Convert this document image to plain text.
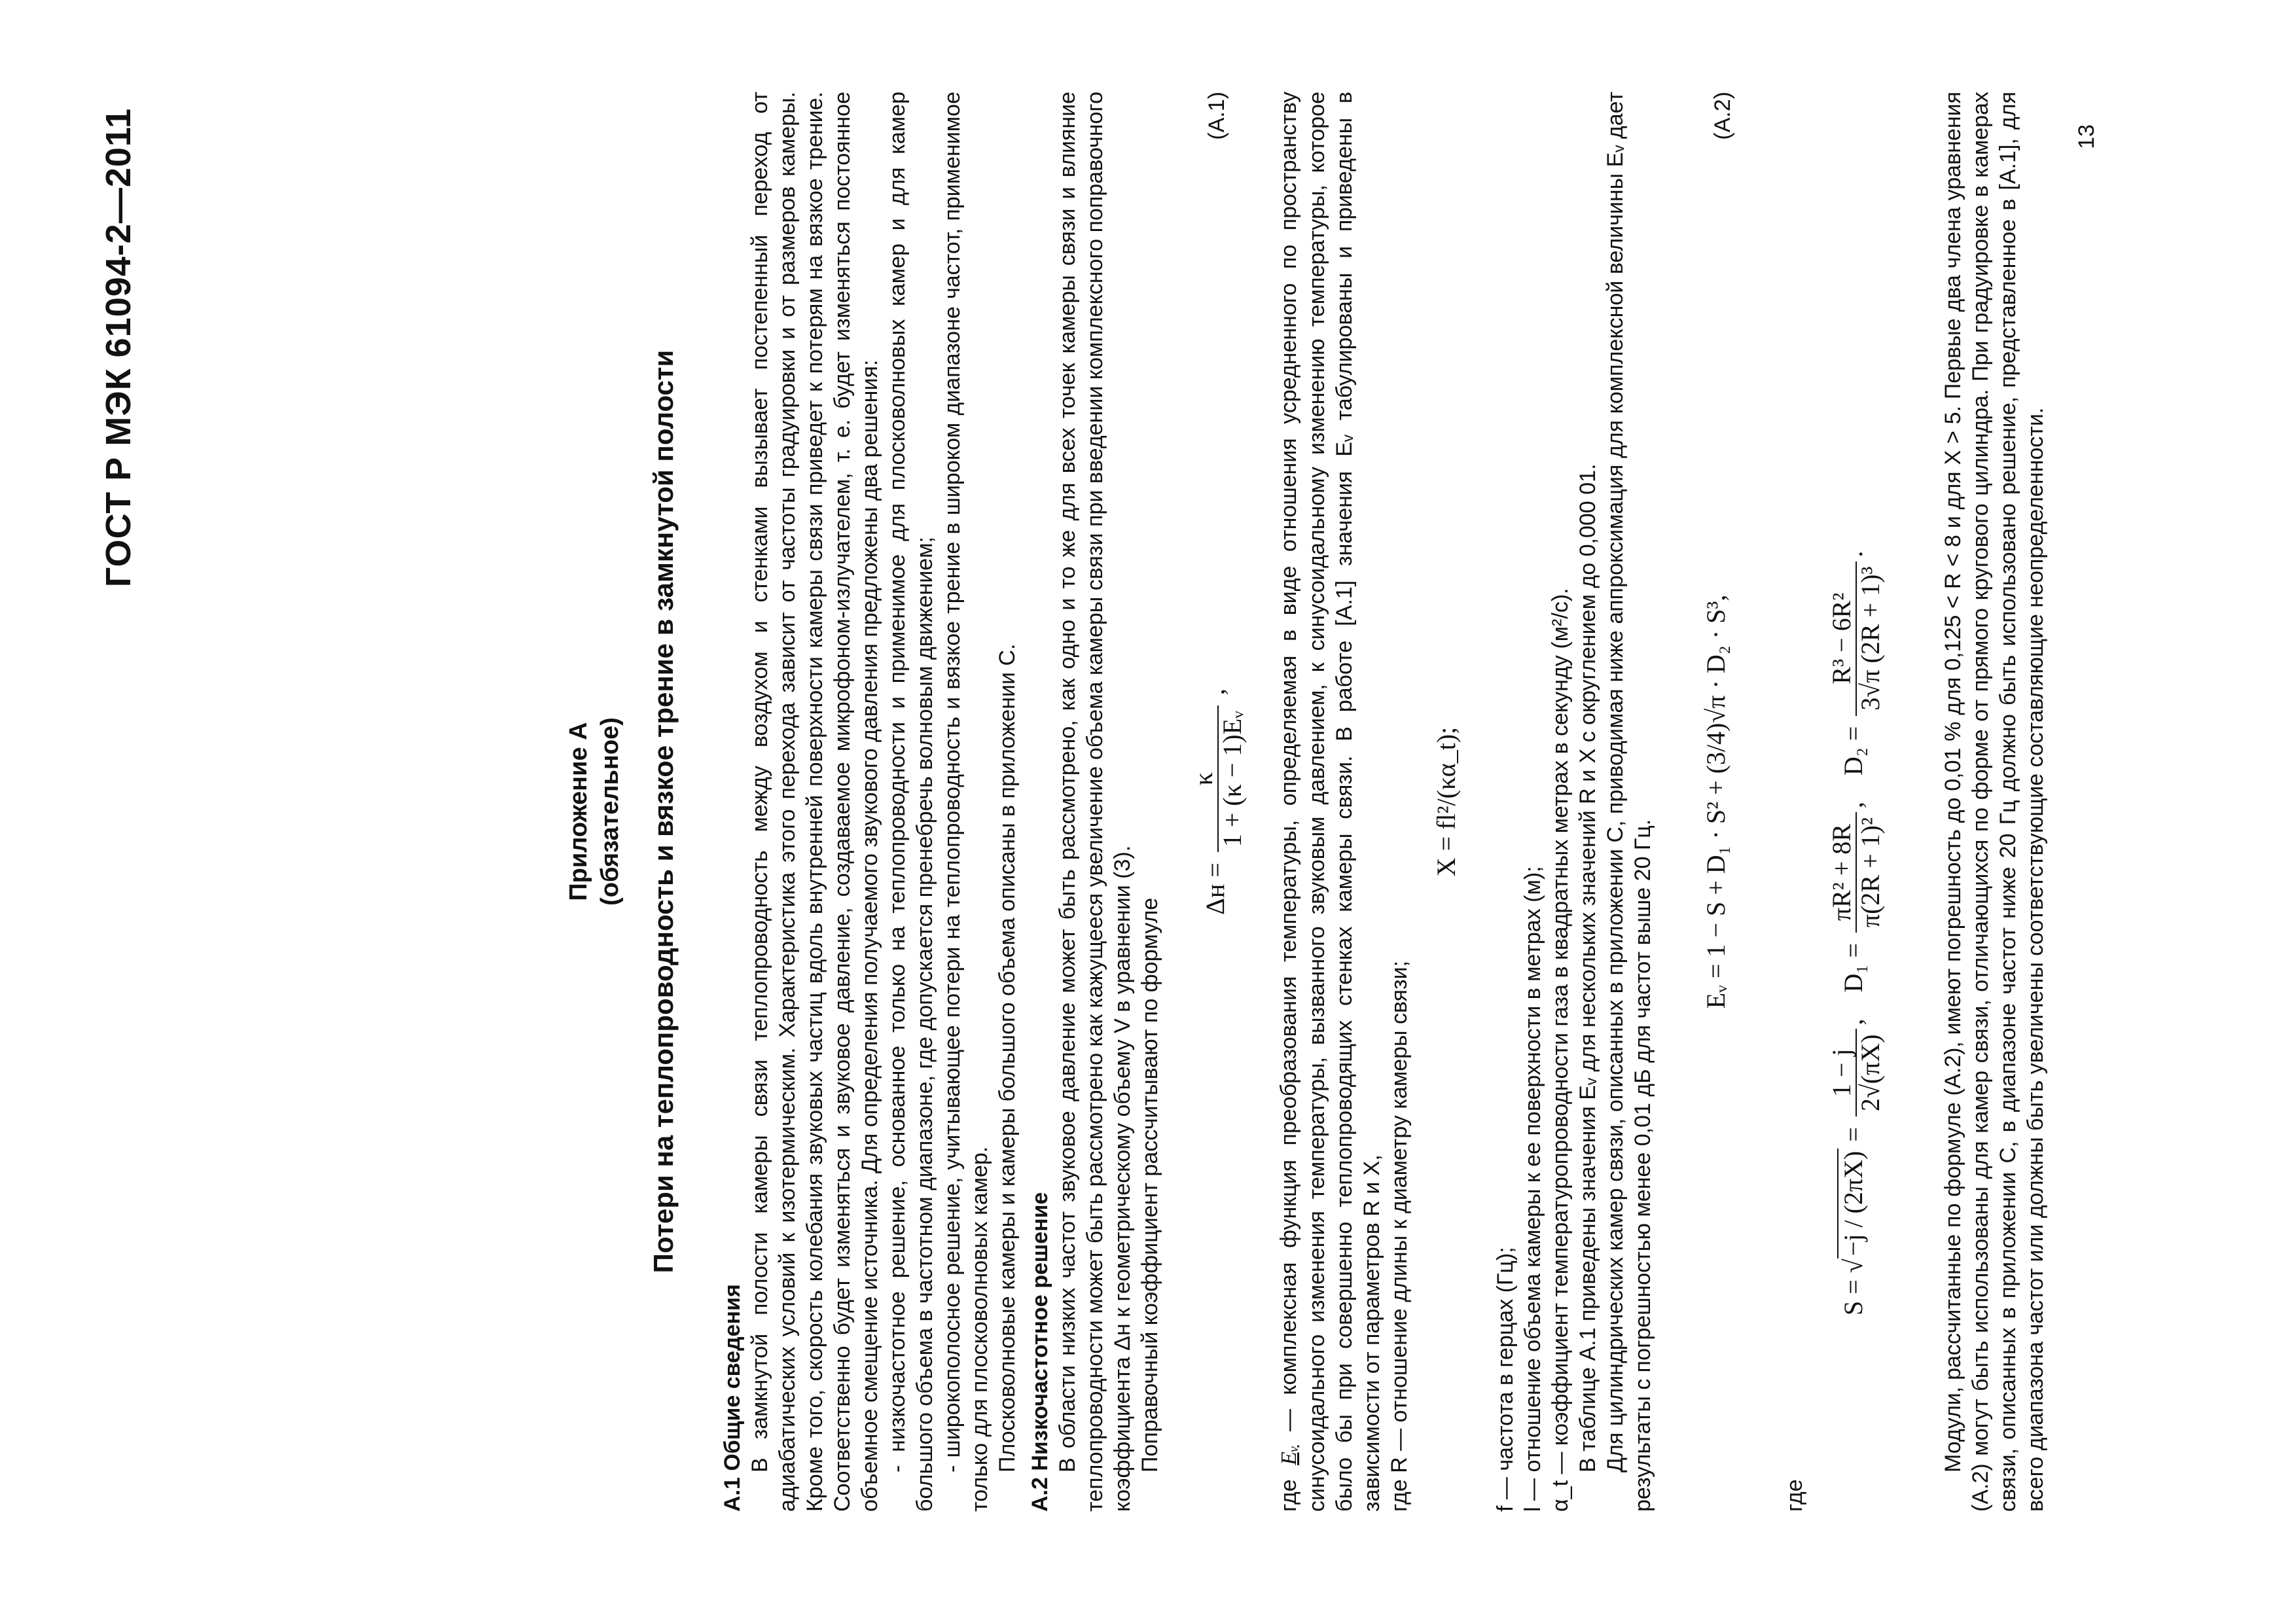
ГОСТ Р МЭК 61094-2—2011
Приложение А (обязательное) Потери на теплопроводность и вязкое трение в замкнутой полости

А.1 Общие сведения В замкнутой полости камеры связи теплопроводность между воздухом и стенками вызывает постепенный переход от адиабатических условий к изотермическим. Характеристика этого перехода зависит от частоты градуировки и от размеров камеры. Кроме того, скорость колебания звуковых частиц вдоль внутренней поверхности камеры связи приведет к потерям на вязкое трение. Соответственно будет изменяться и звуковое давление, создаваемое микрофоном-излучателем, т. е. будет изменяться постоянное объемное смещение источника. Для определения получаемого звукового давления предложены два решения: - низкочастотное решение, основанное только на теплопроводности и применимое для плосковолновых камер и для камер большого объема в частотном диапазоне, где допускается пренебречь волновым движением; - широкополосное решение, учитывающее потери на теплопроводность и вязкое трение в широком диапазоне частот, применимое только для плосковолновых камер. Плосковолновые камеры и камеры большого объема описаны в приложении С. А.2 Низкочастотное решение В области низких частот звуковое давление может быть рассмотрено, как одно и то же для всех точек камеры связи и влияние теплопроводности может быть рассмотрено как кажущееся увеличение объема камеры связи при введении комплексного поправочного коэффициента Δн к геометрическому объему V в уравнении (3). Поправочный коэффициент рассчитывают по формуле

Δн =
κ 1 + (κ − 1)Eᵥ
,
(А.1)

где Eᵥ — комплексная функция преобразования температуры, определяемая в виде отношения усредненного по пространству синусоидального изменения температуры, вызванного звуковым давлением, к синусоидальному изменению температуры, которое было бы при совершенно теплопроводящих стенках камеры связи. В работе [А.1] значения Eᵥ табулированы и приведены в зависимости от параметров R и X, где R — отношение длины к диаметру камеры связи;

X = fl²/(κα_t);

f — частота в герцах (Гц); l — отношение объема камеры к ее поверхности в метрах (м); α_t — коэффициент температуропроводности газа в квадратных метрах в секунду (м²/с). В таблице А.1 приведены значения Eᵥ для нескольких значений R и X с округлением до 0,000 01. Для цилиндрических камер связи, описанных в приложении С, приводимая ниже аппроксимация для комплексной величины Eᵥ дает результаты с погрешностью менее 0,01 дБ для частот выше 20 Гц.

Eᵥ = 1 − S + D₁ · S² + (3/4)√π · D₂ · S³,
(А.2)

где

S = √−j / (2πX) =
1 − j 2√(πX)
,    D₁ =
πR² + 8R π(2R + 1)²
,    D₂ =
R³ − 6R² 3√π (2R + 1)³
.	Модули, рассчитанные по формуле (А.2), имеют погрешность до 0,01 % для 0,125 < R < 8 и для X > 5. Первые два члена уравнения (А.2) могут быть использованы для камер связи, отличающихся по форме от прямого кругового цилиндра. При градуировке в камерах связи, описанных в приложении С, в диапазоне частот ниже 20 Гц должно быть использовано решение, представленное в [А.1], для всего диапазона частот или должны быть увеличены соответствующие составляющие неопределенности.

13
